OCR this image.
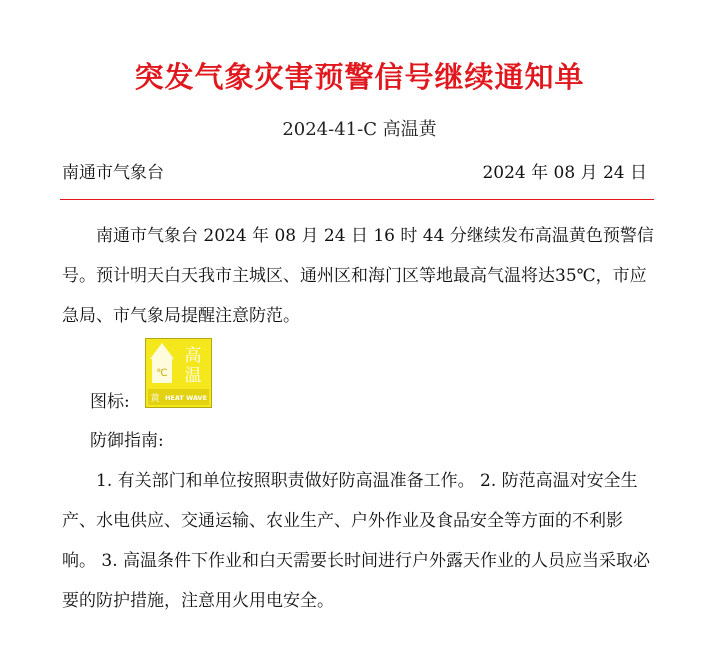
突发气象灾害预警信号继续通知单
2024-41-C 高温黄
南通市气象台	2024 年 08 月 24 日

南通市气象台 2024 年 08 月 24 日 16 时 44 分继续发布高温黄色预警信号。预计明天白天我市主城区、通州区和海门区等地最高气温将达35℃，市应急局、市气象局提醒注意防范。

图标:
℃
高
温
黄 HEAT WAVE
防御指南:

1. 有关部门和单位按照职责做好防高温准备工作。 2. 防范高温对安全生产、水电供应、交通运输、农业生产、户外作业及食品安全等方面的不利影响。 3. 高温条件下作业和白天需要长时间进行户外露天作业的人员应当采取必要的防护措施，注意用火用电安全。
